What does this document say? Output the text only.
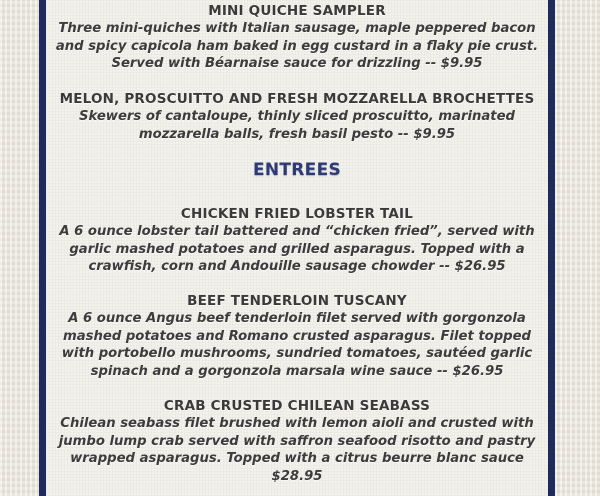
MINI QUICHE SAMPLER

Three mini-quiches with Italian sausage, maple peppered bacon

and spicy capicola ham baked in egg custard in a flaky pie crust.

Served with Béarnaise sauce for drizzling -- $9.95

MELON, PROSCUITTO AND FRESH MOZZARELLA BROCHETTES

Skewers of cantaloupe, thinly sliced proscuitto, marinated

mozzarella balls, fresh basil pesto -- $9.95

ENTREES

CHICKEN FRIED LOBSTER TAIL

A 6 ounce lobster tail battered and “chicken fried”, served with

garlic mashed potatoes and grilled asparagus. Topped with a

crawfish, corn and Andouille sausage chowder -- $26.95

BEEF TENDERLOIN TUSCANY

A 6 ounce Angus beef tenderloin filet served with gorgonzola

mashed potatoes and Romano crusted asparagus. Filet topped

with portobello mushrooms, sundried tomatoes, sautéed garlic

spinach and a gorgonzola marsala wine sauce -- $26.95

CRAB CRUSTED CHILEAN SEABASS

Chilean seabass filet brushed with lemon aioli and crusted with

jumbo lump crab served with saffron seafood risotto and pastry

wrapped asparagus. Topped with a citrus beurre blanc sauce

$28.95
